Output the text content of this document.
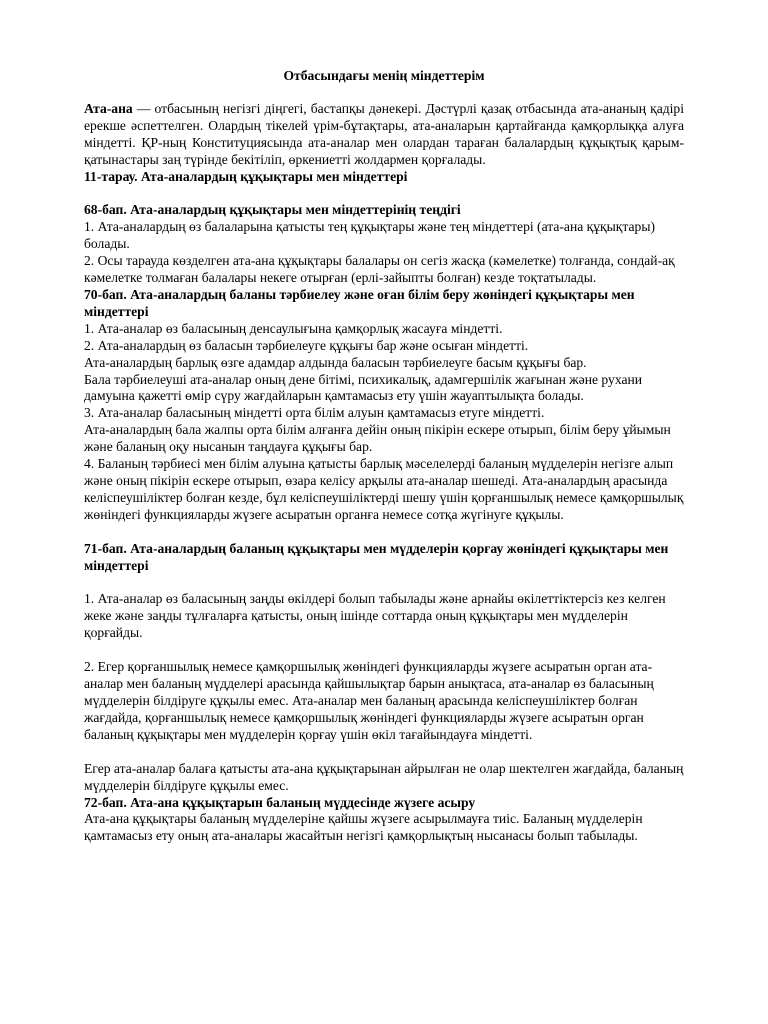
Отбасындағы менің міндеттерім

Ата-ана — отбасының негізгі діңгегі, бастапқы дәнекері. Дәстүрлі қазақ отбасында ата-ананың қадірі ерекше әспеттелген. Олардың тікелей үрім-бұтақтары, ата-аналарын қартайғанда қамқорлыққа алуға міндетті. ҚР-ның Конституциясында ата-аналар мен олардан тараған балалардың құқықтық қарым-қатынастары заң түрінде бекітіліп, өркениетті жолдармен қорғалады.

11-тарау. Ата-аналардың құқықтары мен міндеттері

68-бап. Ата-аналардың құқықтары мен міндеттерінің теңдігі

1. Ата-аналардың өз балаларына қатысты тең құқықтары және тең міндеттері (ата-ана құқықтары) болады.

2. Осы тарауда көзделген ата-ана құқықтары балалары он сегіз жасқа (кәмелетке) толғанда, сондай-ақ кәмелетке толмаған балалары некеге отырған (ерлі-зайыпты болған) кезде тоқтатылады.

70-бап. Ата-аналардың баланы тәрбиелеу және оған білім беру жөніндегі құқықтары мен міндеттері

1. Ата-аналар өз баласының денсаулығына қамқорлық жасауға міндетті.

2. Ата-аналардың өз баласын тәрбиелеуге құқығы бар және осыған міндетті.

Ата-аналардың барлық өзге адамдар алдында баласын тәрбиелеуге басым құқығы бар.

Бала тәрбиелеуші ата-аналар оның дене бітімі, психикалық, адамгершілік жағынан және рухани дамуына қажетті өмір сүру жағдайларын қамтамасыз ету үшін жауаптылықта болады.

3. Ата-аналар баласының міндетті орта білім алуын қамтамасыз етуге міндетті.

Ата-аналардың бала жалпы орта білім алғанға дейін оның пікірін ескере отырып, білім беру ұйымын және баланың оқу нысанын таңдауға құқығы бар.

4. Баланың тәрбиесі мен білім алуына қатысты барлық мәселелерді баланың мүдделерін негізге алып және оның пікірін ескере отырып, өзара келісу арқылы ата-аналар шешеді. Ата-аналардың арасында келіспеушіліктер болған кезде, бұл келіспеушіліктерді шешу үшін қорғаншылық немесе қамқоршылық жөніндегі функцияларды жүзеге асыратын органға немесе сотқа жүгінуге құқылы.

71-бап. Ата-аналардың баланың құқықтары мен мүдделерін қорғау жөніндегі құқықтары мен міндеттері

1. Ата-аналар өз баласының заңды өкілдері болып табылады және арнайы өкілеттіктерсіз кез келген жеке және заңды тұлғаларға қатысты, оның ішінде соттарда оның құқықтары мен мүдделерін қорғайды.

2. Егер қорғаншылық немесе қамқоршылық жөніндегі функцияларды жүзеге асыратын орган ата-аналар мен баланың мүдделері арасында қайшылықтар барын анықтаса, ата-аналар өз баласының мүдделерін білдіруге құқылы емес. Ата-аналар мен баланың арасында келіспеушіліктер болған жағдайда, қорғаншылық немесе қамқоршылық жөніндегі функцияларды жүзеге асыратын орган баланың құқықтары мен мүдделерін қорғау үшін өкіл тағайындауға міндетті.

Егер ата-аналар балаға қатысты ата-ана құқықтарынан айрылған не олар шектелген жағдайда, баланың мүдделерін білдіруге құқылы емес.

72-бап. Ата-ана құқықтарын баланың мүддесінде жүзеге асыру

Ата-ана құқықтары баланың мүдделеріне қайшы жүзеге асырылмауға тиіс. Баланың мүдделерін қамтамасыз ету оның ата-аналары жасайтын негізгі қамқорлықтың нысанасы болып табылады.
